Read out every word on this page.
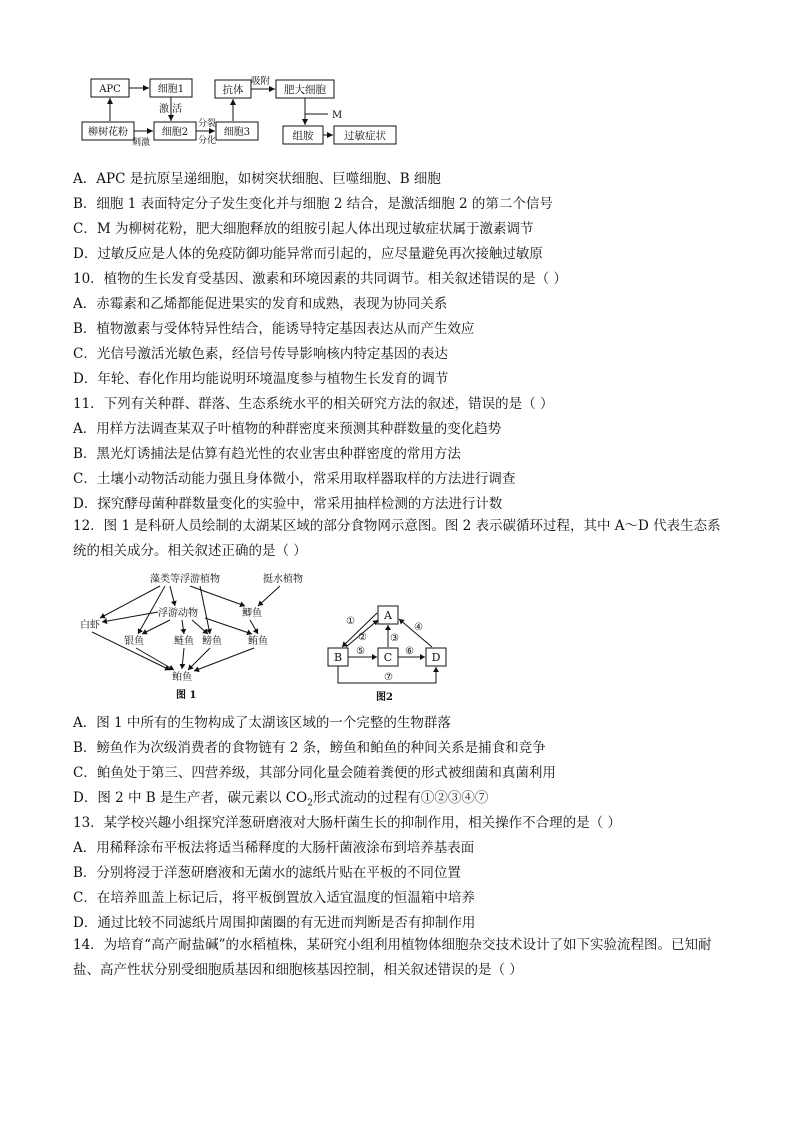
APC	细胞1
柳树花粉	细胞2	细胞3
抗体	肥大细胞
组胺	过敏症状
激 活
刺激
分裂
分化
吸附
M
A．APC 是抗原呈递细胞，如树突状细胞、巨噬细胞、B 细胞
B．细胞 1 表面特定分子发生变化并与细胞 2 结合，是激活细胞 2 的第二个信号
C．M 为柳树花粉，肥大细胞释放的组胺引起人体出现过敏症状属于激素调节
D．过敏反应是人体的免疫防御功能异常而引起的，应尽量避免再次接触过敏原
10．植物的生长发育受基因、激素和环境因素的共同调节。相关叙述错误的是（ ）
A．赤霉素和乙烯都能促进果实的发育和成熟，表现为协同关系
B．植物激素与受体特异性结合，能诱导特定基因表达从而产生效应
C．光信号激活光敏色素，经信号传导影响核内特定基因的表达
D．年轮、春化作用均能说明环境温度参与植物生长发育的调节
11．下列有关种群、群落、生态系统水平的相关研究方法的叙述，错误的是（ ）
A．用样方法调查某双子叶植物的种群密度来预测其种群数量的变化趋势
B．黑光灯诱捕法是估算有趋光性的农业害虫种群密度的常用方法
C．土壤小动物活动能力强且身体微小，常采用取样器取样的方法进行调查
D．探究酵母菌种群数量变化的实验中，常采用抽样检测的方法进行计数
12．图 1 是科研人员绘制的太湖某区域的部分食物网示意图。图 2 表示碳循环过程，其中 A～D 代表生态系统的相关成分。相关叙述正确的是（ ）
藻类等浮游植物	挺水植物
浮游动物
白虾
鲫鱼
银鱼	鲢鱼 鳑鱼	鲔鱼
鲌鱼
图 1
A
B	C	D
①
② ③
④
⑤	⑥
⑦
图2
A．图 1 中所有的生物构成了太湖该区域的一个完整的生物群落
B．鳑鱼作为次级消费者的食物链有 2 条，鳑鱼和鲌鱼的种间关系是捕食和竞争
C．鲌鱼处于第三、四营养级，其部分同化量会随着粪便的形式被细菌和真菌利用
D．图 2 中 B 是生产者，碳元素以 $CO_2$形式流动的过程有①②③④⑦
13．某学校兴趣小组探究洋葱研磨液对大肠杆菌生长的抑制作用，相关操作不合理的是（ ）
A．用稀释涂布平板法将适当稀释度的大肠杆菌液涂布到培养基表面
B．分别将浸于洋葱研磨液和无菌水的滤纸片贴在平板的不同位置
C．在培养皿盖上标记后，将平板倒置放入适宜温度的恒温箱中培养
D．通过比较不同滤纸片周围抑菌圈的有无进而判断是否有抑制作用
14．为培育“高产耐盐碱”的水稻植株，某研究小组利用植物体细胞杂交技术设计了如下实验流程图。已知耐盐、高产性状分别受细胞质基因和细胞核基因控制，相关叙述错误的是（ ）
